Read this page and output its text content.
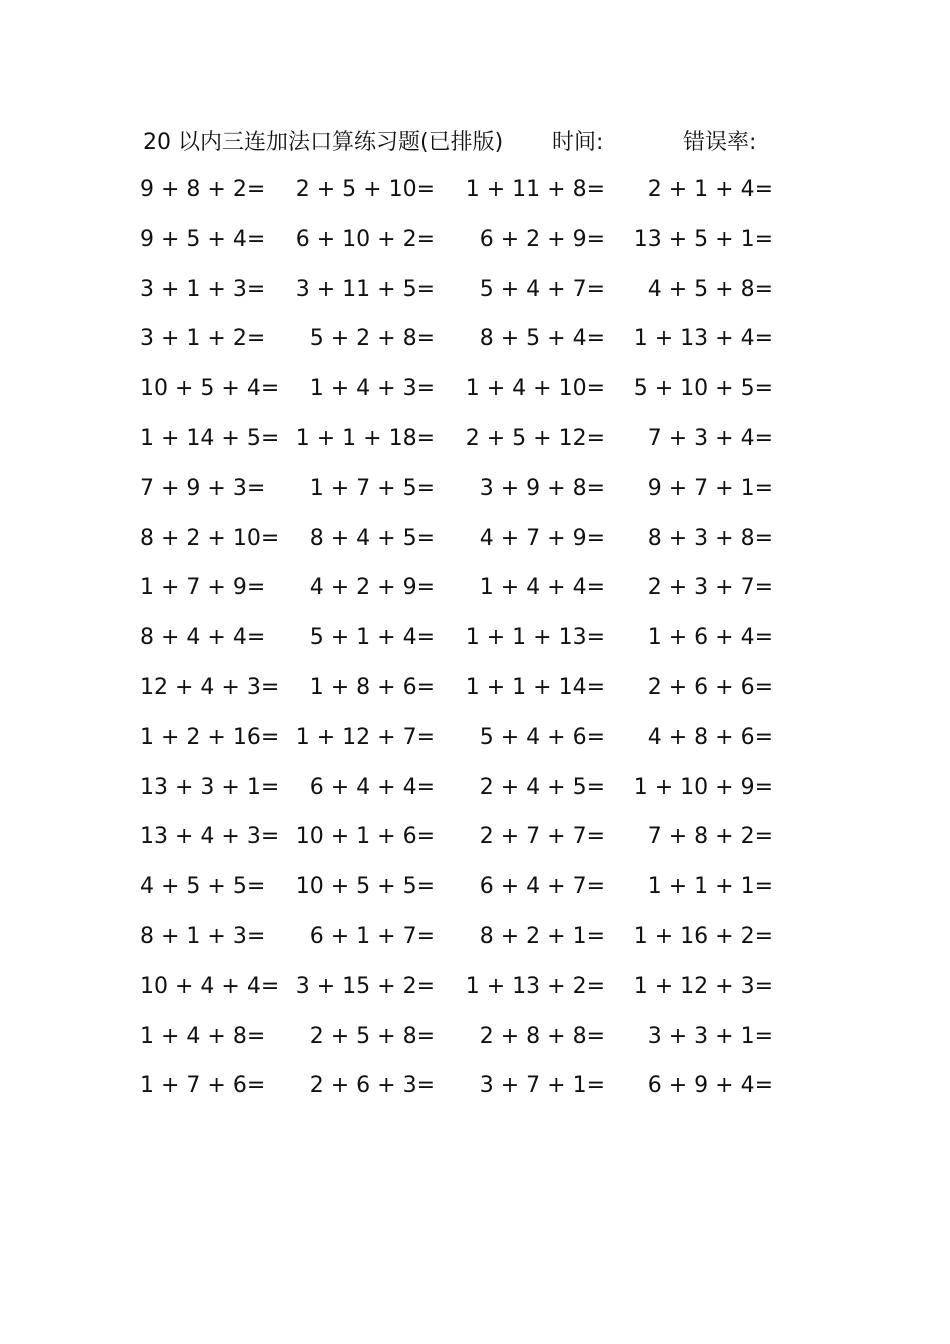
20 以内三连加法口算练习题(已排版) 时间:	错误率:
9 + 8 + 2=	2 + 5 + 10=	1 + 11 + 8=	2 + 1 + 4=
9 + 5 + 4=	6 + 10 + 2=	6 + 2 + 9=	13 + 5 + 1=
3 + 1 + 3=	3 + 11 + 5=	5 + 4 + 7=	4 + 5 + 8=
3 + 1 + 2=	5 + 2 + 8=	8 + 5 + 4=	1 + 13 + 4=
10 + 5 + 4=	1 + 4 + 3=	1 + 4 + 10=	5 + 10 + 5=
1 + 14 + 5= 1 + 1 + 18=	2 + 5 + 12=	7 + 3 + 4=
7 + 9 + 3=	1 + 7 + 5=	3 + 9 + 8=	9 + 7 + 1=
8 + 2 + 10=	8 + 4 + 5=	4 + 7 + 9=	8 + 3 + 8=
1 + 7 + 9=	4 + 2 + 9=	1 + 4 + 4=	2 + 3 + 7=
8 + 4 + 4=	5 + 1 + 4=	1 + 1 + 13=	1 + 6 + 4=
12 + 4 + 3=	1 + 8 + 6=	1 + 1 + 14=	2 + 6 + 6=
1 + 2 + 16= 1 + 12 + 7=	5 + 4 + 6=	4 + 8 + 6=
13 + 3 + 1=	6 + 4 + 4=	2 + 4 + 5=	1 + 10 + 9=
13 + 4 + 3= 10 + 1 + 6=	2 + 7 + 7=	7 + 8 + 2=
4 + 5 + 5=	10 + 5 + 5=	6 + 4 + 7=	1 + 1 + 1=
8 + 1 + 3=	6 + 1 + 7=	8 + 2 + 1=	1 + 16 + 2=
10 + 4 + 4= 3 + 15 + 2=	1 + 13 + 2=	1 + 12 + 3=
1 + 4 + 8=	2 + 5 + 8=	2 + 8 + 8=	3 + 3 + 1=
1 + 7 + 6=	2 + 6 + 3=	3 + 7 + 1=	6 + 9 + 4=
